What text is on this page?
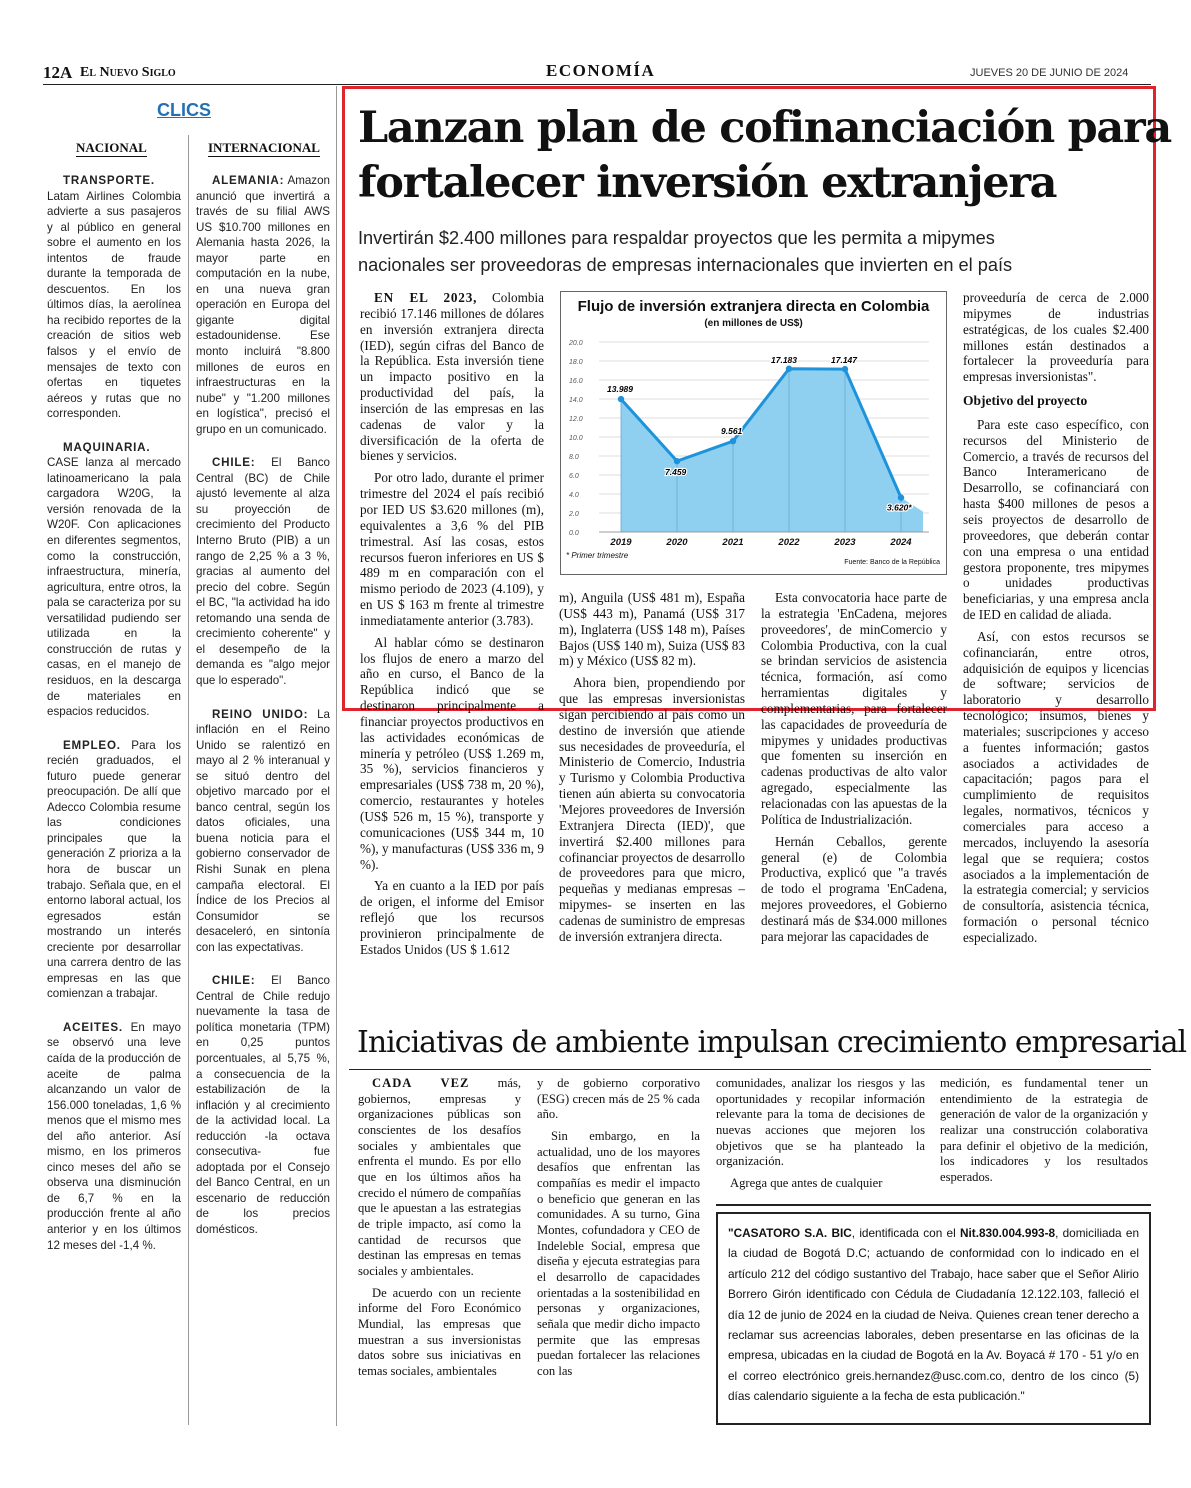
12A El Nuevo Siglo	ECONOMÍA	JUEVES 20 DE JUNIO DE 2024
CLICS
NACIONAL	INTERNACIONAL

TRANSPORTE. Latam Airlines Colombia advierte a sus pasajeros y al público en general sobre el aumento en los intentos de fraude durante la temporada de descuentos. En los últimos días, la aerolínea ha recibido reportes de la creación de sitios web falsos y el envío de mensajes de texto con ofertas en tiquetes aéreos y rutas que no corresponden.

MAQUINARIA. CASE lanza al mercado latinoamericano la pala cargadora W20G, la versión renovada de la W20F. Con aplicaciones en diferentes segmentos, como la construcción, infraestructura, minería, agricultura, entre otros, la pala se caracteriza por su versatilidad pudiendo ser utilizada en la construcción de rutas y casas, en el manejo de residuos, en la descarga de materiales en espacios reducidos.

EMPLEO. Para los recién graduados, el futuro puede generar preocupación. De allí que Adecco Colombia resume las condiciones principales que la generación Z prioriza a la hora de buscar un trabajo. Señala que, en el entorno laboral actual, los egresados están mostrando un interés creciente por desarrollar una carrera dentro de las empresas en las que comienzan a trabajar.

ACEITES. En mayo se observó una leve caída de la producción de aceite de palma alcanzando un valor de 156.000 toneladas, 1,6 % menos que el mismo mes del año anterior. Así mismo, en los primeros cinco meses del año se observa una disminución de 6,7 % en la producción frente al año anterior y en los últimos 12 meses del -1,4 %.

ALEMANIA: Amazon anunció que invertirá a través de su filial AWS US $10.700 millones en Alemania hasta 2026, la mayor parte en computación en la nube, en una nueva gran operación en Europa del gigante digital estadounidense. Ese monto incluirá "8.800 millones de euros en infraestructuras en la nube" y "1.200 millones en logística", precisó el grupo en un comunicado.

CHILE: El Banco Central (BC) de Chile ajustó levemente al alza su proyección de crecimiento del Producto Interno Bruto (PIB) a un rango de 2,25 % a 3 %, gracias al aumento del precio del cobre. Según el BC, "la actividad ha ido retomando una senda de crecimiento coherente" y el desempeño de la demanda es "algo mejor que lo esperado".

REINO UNIDO: La inflación en el Reino Unido se ralentizó en mayo al 2 % interanual y se situó dentro del objetivo marcado por el banco central, según los datos oficiales, una buena noticia para el gobierno conservador de Rishi Sunak en plena campaña electoral. El Índice de los Precios al Consumidor se desaceleró, en sintonía con las expectativas.

CHILE: El Banco Central de Chile redujo nuevamente la tasa de política monetaria (TPM) en 0,25 puntos porcentuales, al 5,75 %, a consecuencia de la estabilización de la inflación y al crecimiento de la actividad local. La reducción -la octava consecutiva- fue adoptada por el Consejo del Banco Central, en un escenario de reducción de los precios domésticos.

Lanzan plan de cofinanciación para
fortalecer inversión extranjera
Invertirán $2.400 millones para respaldar proyectos que les permita a mipymes
nacionales ser proveedoras de empresas internacionales que invierten en el país

EN EL 2023, Colombia recibió 17.146 millones de dólares en inversión extranjera directa (IED), según cifras del Banco de la República. Esta inversión tiene un impacto positivo en la productividad del país, la inserción de las empresas en las cadenas de valor y la diversificación de la oferta de bienes y servicios.

Por otro lado, durante el primer trimestre del 2024 el país recibió por IED US $3.620 millones (m), equivalentes a 3,6 % del PIB trimestral. Así las cosas, estos recursos fueron inferiores en US $ 489 m en comparación con el mismo periodo de 2023 (4.109), y en US $ 163 m frente al trimestre inmediatamente anterior (3.783).

Al hablar cómo se destinaron los flujos de enero a marzo del año en curso, el Banco de la República indicó que se destinaron principalmente a financiar proyectos productivos en las actividades económicas de minería y petróleo (US$ 1.269 m, 35 %), servicios financieros y empresariales (US$ 738 m, 20 %), comercio, restaurantes y hoteles (US$ 526 m, 15 %), transporte y comunicaciones (US$ 344 m, 10 %), y manufacturas (US$ 336 m, 9 %).

Ya en cuanto a la IED por país de origen, el informe del Emisor reflejó que los recursos provinieron principalmente de Estados Unidos (US $ 1.612

Flujo de inversión extranjera directa en Colombia
(en millones de US$)
0.0
2.0
4.0
6.0
8.0
10.0
12.0
14.0
16.0
18.0
20.0
13.989
7.459
9.561
17.183	17.147
3.620*
2019	2020	2021	2022	2023	2024
* Primer trimestre
Fuente: Banco de la República

m), Anguila (US$ 481 m), España (US$ 443 m), Panamá (US$ 317 m), Inglaterra (US$ 148 m), Países Bajos (US$ 140 m), Suiza (US$ 83 m) y México (US$ 82 m).

Ahora bien, propendiendo por que las empresas inversionistas sigan percibiendo al país como un destino de inversión que atiende sus necesidades de proveeduría, el Ministerio de Comercio, Industria y Turismo y Colombia Productiva tienen aún abierta su convocatoria 'Mejores proveedores de Inversión Extranjera Directa (IED)', que invertirá $2.400 millones para cofinanciar proyectos de desarrollo de proveedores para que micro, pequeñas y medianas empresas –mipymes- se inserten en las cadenas de suministro de empresas de inversión extranjera directa.

Esta convocatoria hace parte de la estrategia 'EnCadena, mejores proveedores', de minComercio y Colombia Productiva, con la cual se brindan servicios de asistencia técnica, formación, así como herramientas digitales y complementarias, para fortalecer las capacidades de proveeduría de mipymes y unidades productivas que fomenten su inserción en cadenas productivas de alto valor agregado, especialmente las relacionadas con las apuestas de la Política de Industrialización.

Hernán Ceballos, gerente general (e) de Colombia Productiva, explicó que "a través de todo el programa 'EnCadena, mejores proveedores, el Gobierno destinará más de $34.000 millones para mejorar las capacidades de

proveeduría de cerca de 2.000 mipymes de industrias estratégicas, de los cuales $2.400 millones están destinados a fortalecer la proveeduría para empresas inversionistas".

Objetivo del proyecto

Para este caso específico, con recursos del Ministerio de Comercio, a través de recursos del Banco Interamericano de Desarrollo, se cofinanciará con hasta $400 millones de pesos a seis proyectos de desarrollo de proveedores, que deberán contar con una empresa o una entidad gestora proponente, tres mipymes o unidades productivas beneficiarias, y una empresa ancla de IED en calidad de aliada.

Así, con estos recursos se cofinanciarán, entre otros, adquisición de equipos y licencias de software; servicios de laboratorio y desarrollo tecnológico; insumos, bienes y materiales; suscripciones y acceso a fuentes información; gastos asociados a actividades de capacitación; pagos para el cumplimiento de requisitos legales, normativos, técnicos y comerciales para acceso a mercados, incluyendo la asesoría legal que se requiera; costos asociados a la implementación de la estrategia comercial; y servicios de consultoría, asistencia técnica, formación o personal técnico especializado.

Iniciativas de ambiente impulsan crecimiento empresarial

CADA VEZ más, gobiernos, empresas y organizaciones públicas son conscientes de los desafíos sociales y ambientales que enfrenta el mundo. Es por ello que en los últimos años ha crecido el número de compañías que le apuestan a las estrategias de triple impacto, así como la cantidad de recursos que destinan las empresas en temas sociales y ambientales.

De acuerdo con un reciente informe del Foro Económico Mundial, las empresas que muestran a sus inversionistas datos sobre sus iniciativas en temas sociales, ambientales

y de gobierno corporativo (ESG) crecen más de 25 % cada año.

Sin embargo, en la actualidad, uno de los mayores desafíos que enfrentan las compañías es medir el impacto o beneficio que generan en las comunidades. A su turno, Gina Montes, cofundadora y CEO de Indeleble Social, empresa que diseña y ejecuta estrategias para el desarrollo de capacidades orientadas a la sostenibilidad en personas y organizaciones, señala que medir dicho impacto permite que las empresas puedan fortalecer las relaciones con las

comunidades, analizar los riesgos y las oportunidades y recopilar información relevante para la toma de decisiones de nuevas acciones que mejoren los objetivos que se ha planteado la organización.

Agrega que antes de cualquier

medición, es fundamental tener un entendimiento de la estrategia de generación de valor de la organización y realizar una construcción colaborativa para definir el objetivo de la medición, los indicadores y los resultados esperados.

"CASATORO S.A. BIC, identificada con el Nit.830.004.993-8, domiciliada en la ciudad de Bogotá D.C; actuando de conformidad con lo indicado en el artículo 212 del código sustantivo del Trabajo, hace saber que el Señor Alirio Borrero Girón identificado con Cédula de Ciudadanía 12.122.103, falleció el día 12 de junio de 2024 en la ciudad de Neiva. Quienes crean tener derecho a reclamar sus acreencias laborales, deben presentarse en las oficinas de la empresa, ubicadas en la ciudad de Bogotá en la Av. Boyacá # 170 - 51 y/o en el correo electrónico greis.hernandez@usc.com.co, dentro de los cinco (5) días calendario siguiente a la fecha de esta publicación."
